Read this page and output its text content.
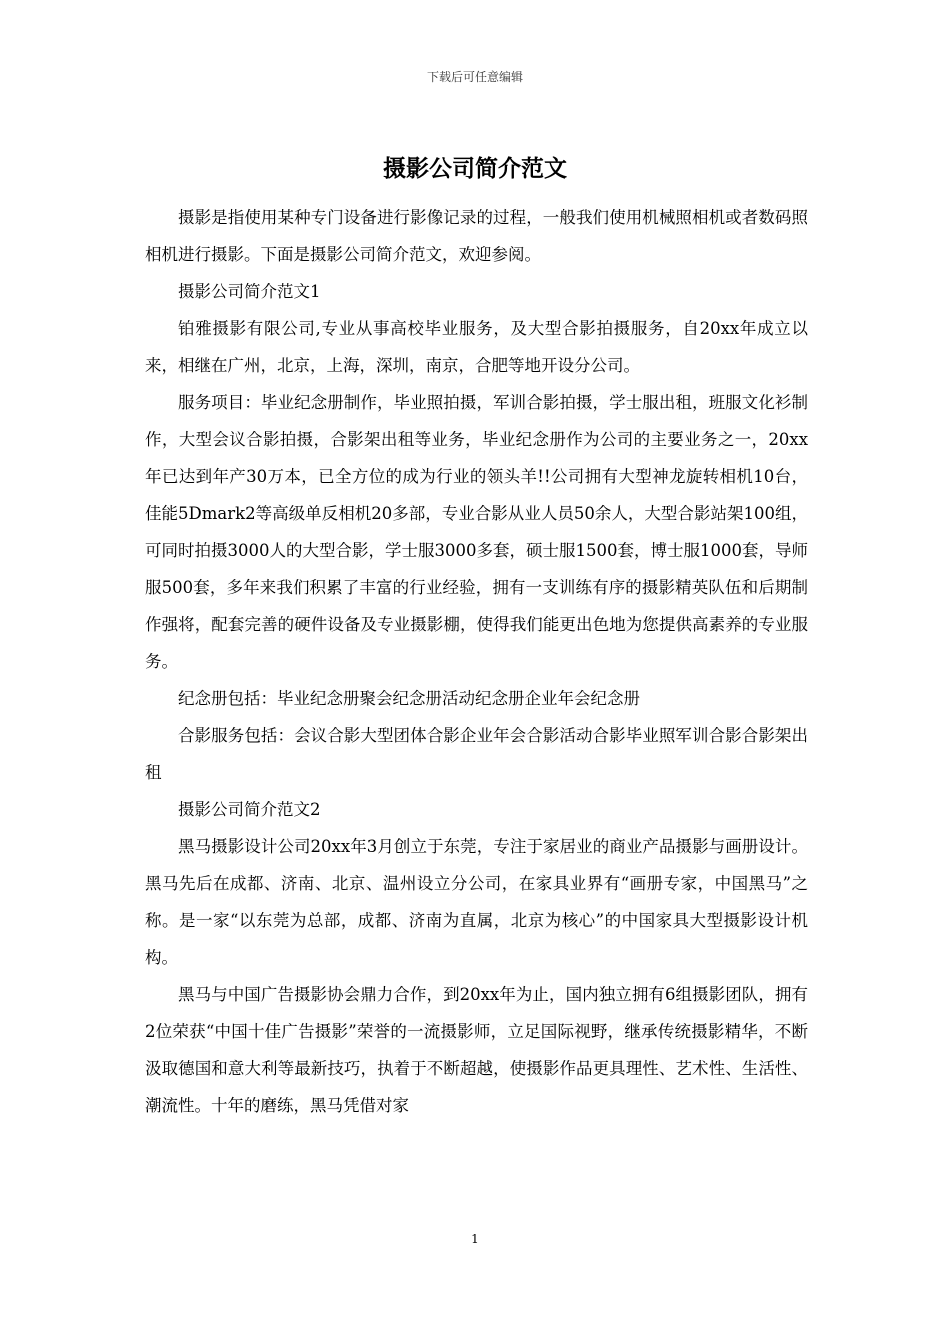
下载后可任意编辑
摄影公司简介范文

摄影是指使用某种专门设备进行影像记录的过程，一般我们使用机械照相机或者数码照相机进行摄影。下面是摄影公司简介范文，欢迎参阅。

摄影公司简介范文1

铂雅摄影有限公司,专业从事高校毕业服务，及大型合影拍摄服务，自20xx年成立以来，相继在广州，北京，上海，深圳，南京，合肥等地开设分公司。

服务项目：毕业纪念册制作，毕业照拍摄，军训合影拍摄，学士服出租，班服文化衫制作，大型会议合影拍摄，合影架出租等业务，毕业纪念册作为公司的主要业务之一，20xx年已达到年产30万本，已全方位的成为行业的领头羊!!公司拥有大型神龙旋转相机10台，佳能5Dmark2等高级单反相机20多部，专业合影从业人员50余人，大型合影站架100组，可同时拍摄3000人的大型合影，学士服3000多套，硕士服1500套，博士服1000套，导师服500套，多年来我们积累了丰富的行业经验，拥有一支训练有序的摄影精英队伍和后期制作强将，配套完善的硬件设备及专业摄影棚，使得我们能更出色地为您提供高素养的专业服务。

纪念册包括：毕业纪念册聚会纪念册活动纪念册企业年会纪念册

合影服务包括：会议合影大型团体合影企业年会合影活动合影毕业照军训合影合影架出租

摄影公司简介范文2

黑马摄影设计公司20xx年3月创立于东莞，专注于家居业的商业产品摄影与画册设计。黑马先后在成都、济南、北京、温州设立分公司，在家具业界有“画册专家，中国黑马”之称。是一家“以东莞为总部，成都、济南为直属，北京为核心”的中国家具大型摄影设计机构。

黑马与中国广告摄影协会鼎力合作，到20xx年为止，国内独立拥有6组摄影团队，拥有2位荣获“中国十佳广告摄影”荣誉的一流摄影师，立足国际视野，继承传统摄影精华，不断汲取德国和意大利等最新技巧，执着于不断超越，使摄影作品更具理性、艺术性、生活性、潮流性。十年的磨练，黑马凭借对家

1
